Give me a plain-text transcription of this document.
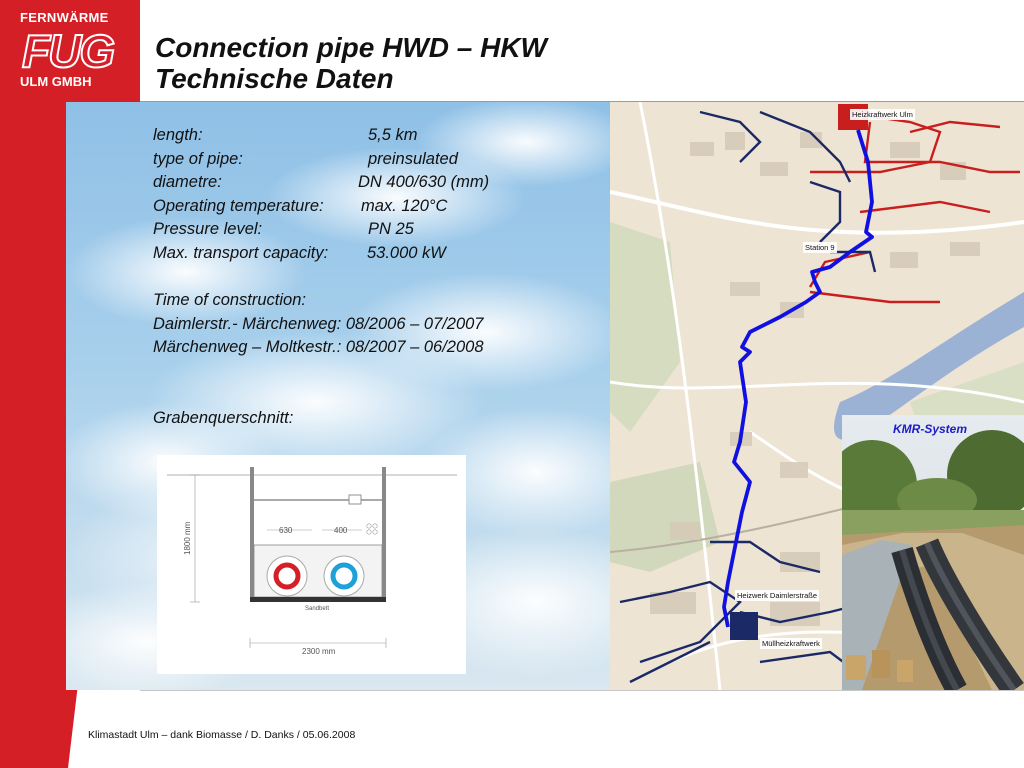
FERNWÄRME
FUG
ULM GMBH
Connection pipe HWD – HKW
Technische Daten
length:	5,5 km
type of pipe:	preinsulated
diametre:	DN 400/630 (mm)
Operating temperature: max. 120°C
Pressure level:	PN 25
Max. transport capacity: 53.000 kW
Time of construction:
Daimlerstr.- Märchenweg: 08/2006 – 07/2007
Märchenweg – Moltkestr.: 08/2007 – 06/2008
Grabenquerschnitt:
630	400
Sandbett
1800 mm
2300 mm
Heizkraftwerk Ulm
Station 9
Heizwerk Daimlerstraße
Müllheizkraftwerk
KMR-System
Klimastadt Ulm – dank Biomasse / D. Danks / 05.06.2008
